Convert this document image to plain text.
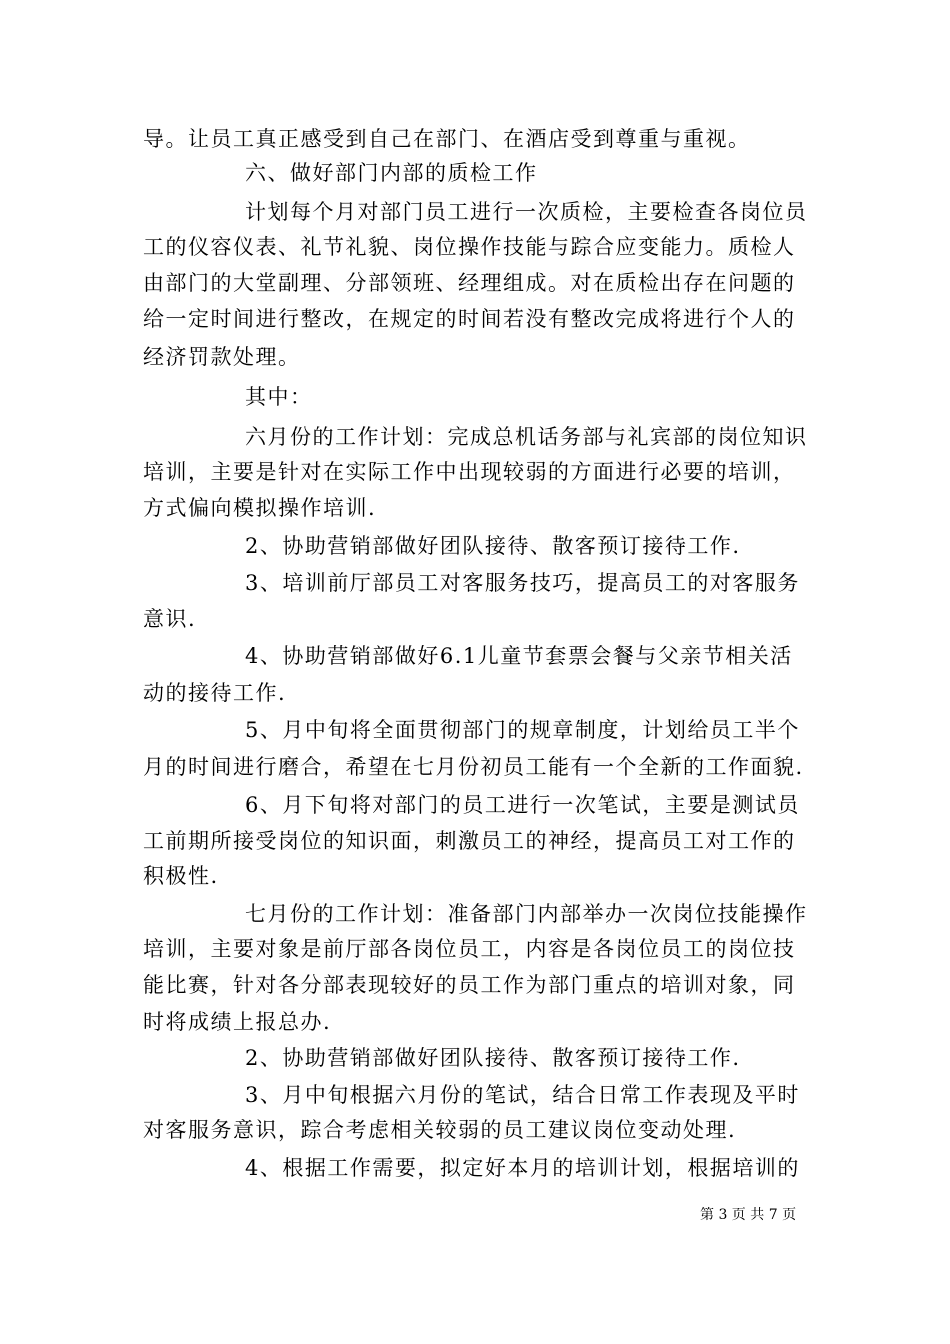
导。让员工真正感受到自己在部门、在酒店受到尊重与重视。
六、做好部门内部的质检工作
计划每个月对部门员工进行一次质检，主要检查各岗位员
工的仪容仪表、礼节礼貌、岗位操作技能与踪合应变能力。质检人
由部门的大堂副理、分部领班、经理组成。对在质检出存在问题的
给一定时间进行整改，在规定的时间若没有整改完成将进行个人的
经济罚款处理。
其中：
六月份的工作计划：完成总机话务部与礼宾部的岗位知识
培训，主要是针对在实际工作中出现较弱的方面进行必要的培训，
方式偏向模拟操作培训.
2、协助营销部做好团队接待、散客预订接待工作.
3、培训前厅部员工对客服务技巧，提高员工的对客服务
意识.
4、协助营销部做好6.1儿童节套票会餐与父亲节相关活
动的接待工作.
5、月中旬将全面贯彻部门的规章制度，计划给员工半个
月的时间进行磨合，希望在七月份初员工能有一个全新的工作面貌.
6、月下旬将对部门的员工进行一次笔试，主要是测试员
工前期所接受岗位的知识面，刺激员工的神经，提高员工对工作的
积极性.
七月份的工作计划：准备部门内部举办一次岗位技能操作
培训，主要对象是前厅部各岗位员工，内容是各岗位员工的岗位技
能比赛，针对各分部表现较好的员工作为部门重点的培训对象，同
时将成绩上报总办.
2、协助营销部做好团队接待、散客预订接待工作.
3、月中旬根据六月份的笔试，结合日常工作表现及平时
对客服务意识，踪合考虑相关较弱的员工建议岗位变动处理.
4、根据工作需要，拟定好本月的培训计划，根据培训的
第 3 页 共 7 页
